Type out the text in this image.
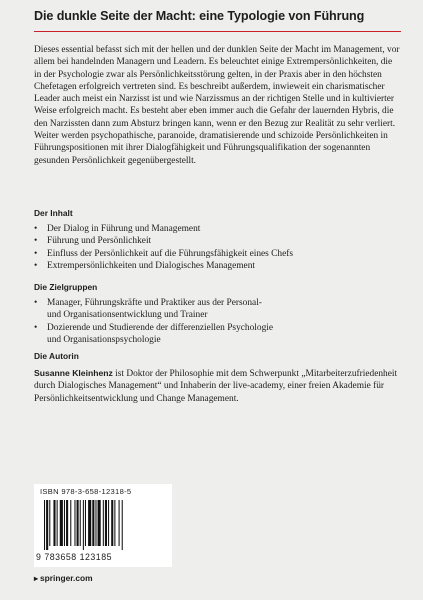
Die dunkle Seite der Macht: eine Typologie von Führung

Dieses essential befasst sich mit der hellen und der dunklen Seite der Macht im Management, vor allem bei handelnden Managern und Leadern. Es beleuchtet einige Extrempersönlichkeiten, die in der Psychologie zwar als Persönlichkeitsstörung gelten, in der Praxis aber in den höchsten Chefetagen erfolgreich vertreten sind. Es beschreibt außerdem, inwieweit ein charismatischer Leader auch meist ein Narzisst ist und wie Narzissmus an der richtigen Stelle und in kultivierter Weise erfolgreich macht. Es besteht aber eben immer auch die Gefahr der lauernden Hybris, die den Narzissten dann zum Absturz bringen kann, wenn er den Bezug zur Realität zu sehr verliert. Weiter werden psychopathische, paranoide, dramatisierende und schizoide Persönlichkeiten in Führungspositionen mit ihrer Dialogfähigkeit und Führungsqualifikation der sogenannten gesunden Persönlichkeit gegenübergestellt.

Der Inhalt
• Der Dialog in Führung und Management
• Führung und Persönlichkeit
• Einfluss der Persönlichkeit auf die Führungsfähigkeit eines Chefs
• Extrempersönlichkeiten und Dialogisches Management
Die Zielgruppen
• Manager, Führungskräfte und Praktiker aus der Personal- und Organisationsentwicklung und Trainer
• Dozierende und Studierende der differenziellen Psychologie und Organisationspsychologie
Die Autorin

Susanne Kleinhenz ist Doktor der Philosophie mit dem Schwerpunkt „Mitarbeiterzufriedenheit durch Dialogisches Management“ und Inhaberin der live-academy, einer freien Akademie für Persönlichkeitsentwicklung und Change Management.

ISBN 978-3-658-12318-5
9 783658 123185
▸ springer.com
